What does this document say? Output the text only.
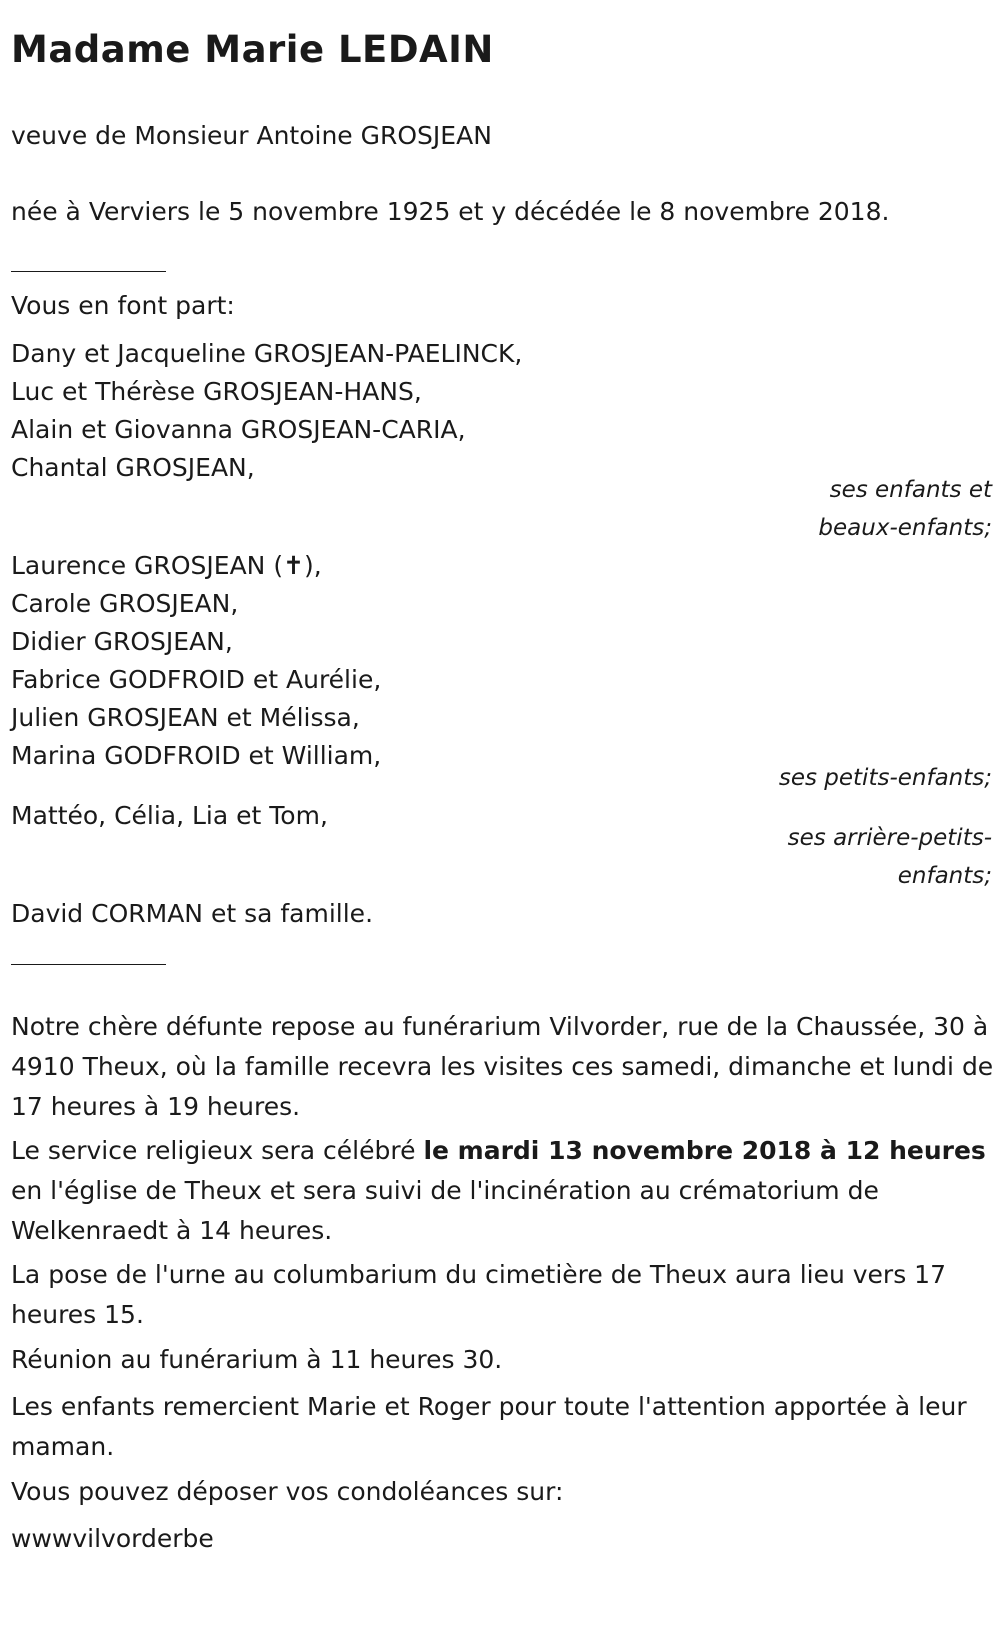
Madame Marie LEDAIN

veuve de Monsieur Antoine GROSJEAN

née à Verviers le 5 novembre 1925 et y décédée le 8 novembre 2018.

Vous en font part:

Dany et Jacqueline GROSJEAN-PAELINCK,

Luc et Thérèse GROSJEAN-HANS,

Alain et Giovanna GROSJEAN-CARIA,

Chantal GROSJEAN,

ses enfants et

beaux-enfants;

Laurence GROSJEAN (✝),

Carole GROSJEAN,

Didier GROSJEAN,

Fabrice GODFROID et Aurélie,

Julien GROSJEAN et Mélissa,

Marina GODFROID et William,

ses petits-enfants;

Mattéo, Célia, Lia et Tom,

ses arrière-petits-

enfants;

David CORMAN et sa famille.

Notre chère défunte repose au funérarium Vilvorder, rue de la Chaussée, 30 à 4910 Theux, où la famille recevra les visites ces samedi, dimanche et lundi de 17 heures à 19 heures.

Le service religieux sera célébré le mardi 13 novembre 2018 à 12 heures en l'église de Theux et sera suivi de l'incinération au crématorium de Welkenraedt à 14 heures.

La pose de l'urne au columbarium du cimetière de Theux aura lieu vers 17 heures 15.

Réunion au funérarium à 11 heures 30.

Les enfants remercient Marie et Roger pour toute l'attention apportée à leur maman.

Vous pouvez déposer vos condoléances sur:

wwwvilvorderbe
